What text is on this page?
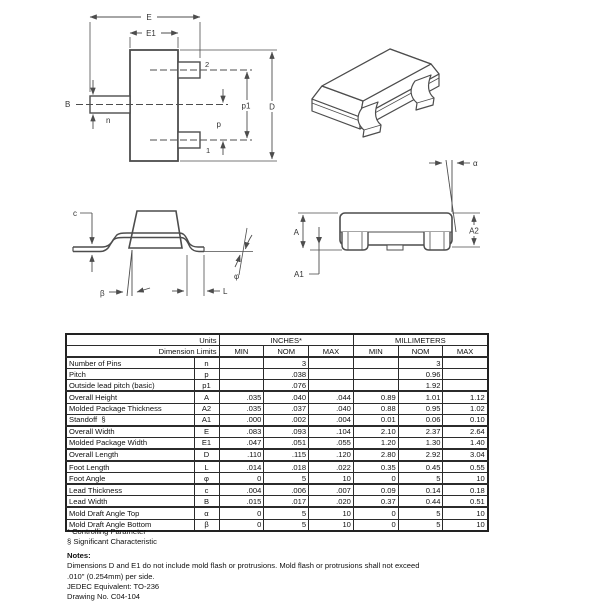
E
E1
B
n
2
1
p
p1 D
c
β	L
φ
A
A1
A2
α
Units		INCHES*			MILLIMETERS		
Dimension Limits		MIN	NOM	MAX	MIN	NOM	MAX
Number of Pins	n		3			3	
Pitch	p		.038			0.96	
Outside lead pitch (basic)	p1		.076			1.92	
Overall Height	A	.035	.040	.044	0.89	1.01	1.12
Molded Package Thickness	A2	.035	.037	.040	0.88	0.95	1.02
Standoff  §	A1	.000	.002	.004	0.01	0.06	0.10
Overall Width	E	.083	.093	.104	2.10	2.37	2.64
Molded Package Width	E1	.047	.051	.055	1.20	1.30	1.40
Overall Length	D	.110	.115	.120	2.80	2.92	3.04
Foot Length	L	.014	.018	.022	0.35	0.45	0.55
Foot Angle	φ	0	5	10	0	5	10
Lead Thickness	c	.004	.006	.007	0.09	0.14	0.18
Lead Width	B	.015	.017	.020	0.37	0.44	0.51
Mold Draft Angle Top	α	0	5	10	0	5	10
Mold Draft Angle Bottom	β	0	5	10	0	5	10
* Controlling Parameter
§ Significant Characteristic
Notes:
Dimensions D and E1 do not include mold flash or protrusions. Mold flash or protrusions shall not exceed
.010" (0.254mm) per side.
JEDEC Equivalent: TO-236
Drawing No. C04-104
